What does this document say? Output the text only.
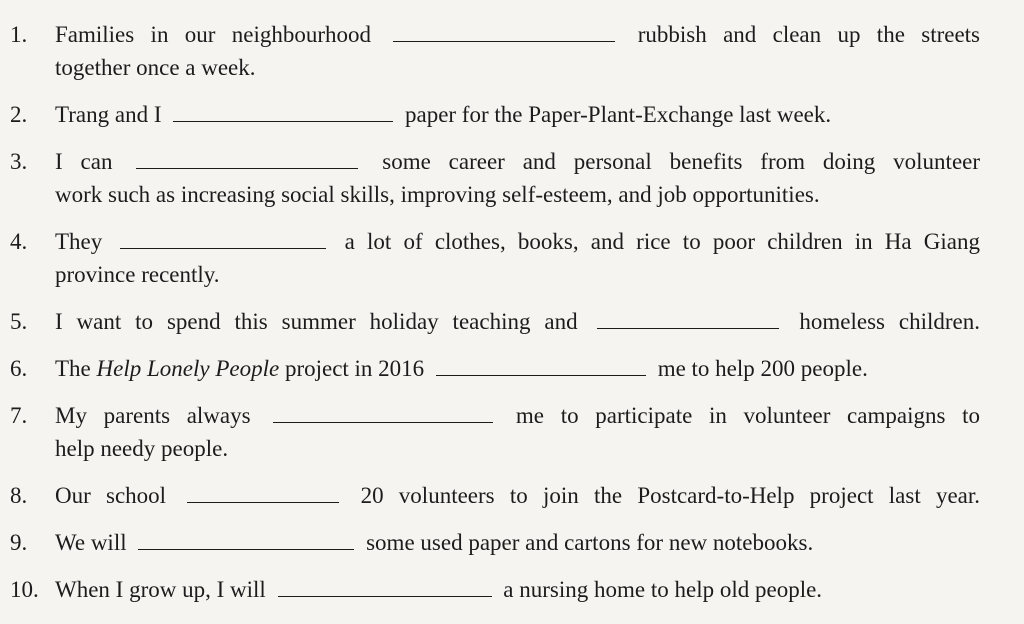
1.	Families in our neighbourhood	rubbish and clean up the streets
together once a week.
2.	Trang and I	paper for the Paper-Plant-Exchange last week.
3.	I can	some career and personal benefits from doing volunteer
work such as increasing social skills, improving self-esteem, and job opportunities.
4.	They	a lot of clothes, books, and rice to poor children in Ha Giang
province recently.
5.	I want to spend this summer holiday teaching and	homeless children.
6.	The Help Lonely People project in 2016	me to help 200 people.
7.	My parents always	me to participate in volunteer campaigns to
help needy people.
8.	Our school	20 volunteers to join the Postcard-to-Help project last year.
9.	We will	some used paper and cartons for new notebooks.
10. When I grow up, I will	a nursing home to help old people.
